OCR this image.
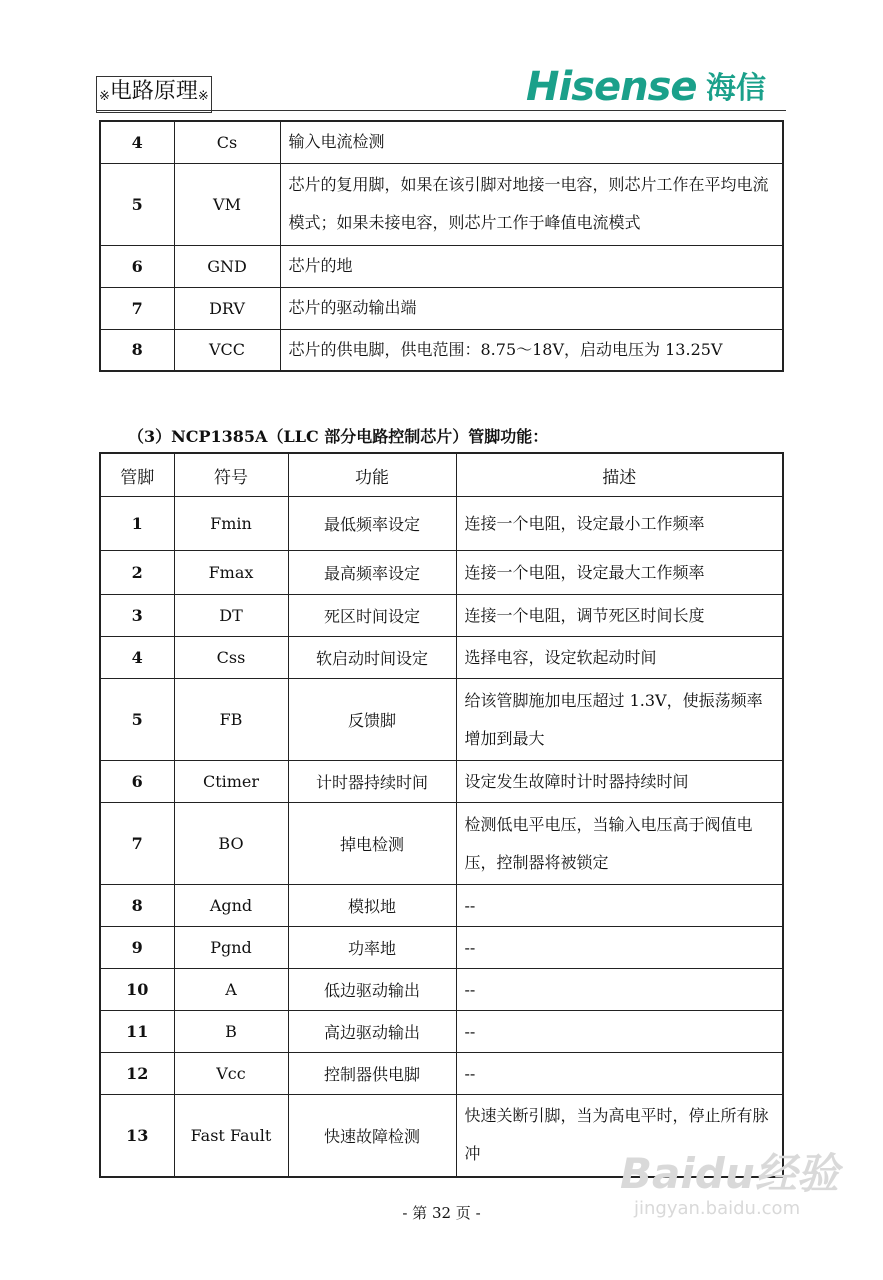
※电路原理※	Hisense 海信
4	Cs	输入电流检测
5	VM	芯片的复用脚，如果在该引脚对地接一电容，则芯片工作在平均电流模式；如果未接电容，则芯片工作于峰值电流模式
6	GND	芯片的地
7	DRV	芯片的驱动输出端
8	VCC	芯片的供电脚，供电范围：8.75～18V，启动电压为 13.25V
（3）NCP1385A（LLC 部分电路控制芯片）管脚功能：
管脚	符号	功能	描述
1	Fmin	最低频率设定	连接一个电阻，设定最小工作频率
2	Fmax	最高频率设定	连接一个电阻，设定最大工作频率
3	DT	死区时间设定	连接一个电阻，调节死区时间长度
4	Css	软启动时间设定	选择电容，设定软起动时间
5	FB	反馈脚	给该管脚施加电压超过 1.3V，使振荡频率增加到最大
6	Ctimer	计时器持续时间	设定发生故障时计时器持续时间
7	BO	掉电检测	检测低电平电压，当输入电压高于阀值电压，控制器将被锁定
8	Agnd	模拟地	--
9	Pgnd	功率地	--
10	A	低边驱动输出	--
11	B	高边驱动输出	--
12	Vcc	控制器供电脚	--
13	Fast Fault	快速故障检测	快速关断引脚，当为高电平时，停止所有脉冲
- 第 32 页 -
Baidu经验
jingyan.baidu.com
